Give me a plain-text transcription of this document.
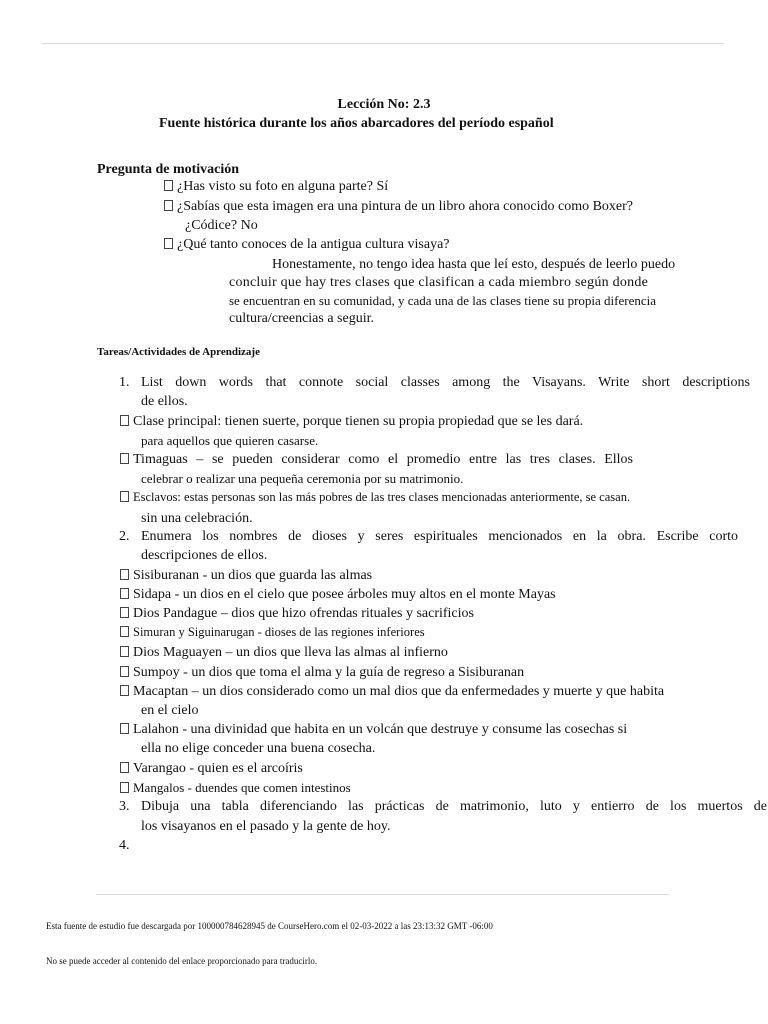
Lección No: 2.3
Fuente histórica durante los años abarcadores del período español
Pregunta de motivación
¿Has visto su foto en alguna parte? Sí
¿Sabías que esta imagen era una pintura de un libro ahora conocido como Boxer?
¿Códice? No
¿Qué tanto conoces de la antigua cultura visaya?
Honestamente, no tengo idea hasta que leí esto, después de leerlo puedo
concluir que hay tres clases que clasifican a cada miembro según donde
se encuentran en su comunidad, y cada una de las clases tiene su propia diferencia
cultura/creencias a seguir.
Tareas/Actividades de Aprendizaje
1. List down words that connote social classes among the Visayans. Write short descriptions
de ellos.
Clase principal: tienen suerte, porque tienen su propia propiedad que se les dará.
para aquellos que quieren casarse.
Timaguas – se pueden considerar como el promedio entre las tres clases. Ellos
celebrar o realizar una pequeña ceremonia por su matrimonio.
Esclavos: estas personas son las más pobres de las tres clases mencionadas anteriormente, se casan.
sin una celebración.
2. Enumera los nombres de dioses y seres espirituales mencionados en la obra. Escribe corto
descripciones de ellos.
Sisiburanan - un dios que guarda las almas
Sidapa - un dios en el cielo que posee árboles muy altos en el monte Mayas
Dios Pandague – dios que hizo ofrendas rituales y sacrificios
Simuran y Siguinarugan - dioses de las regiones inferiores
Dios Maguayen – un dios que lleva las almas al infierno
Sumpoy - un dios que toma el alma y la guía de regreso a Sisiburanan
Macaptan – un dios considerado como un mal dios que da enfermedades y muerte y que habita
en el cielo
Lalahon - una divinidad que habita en un volcán que destruye y consume las cosechas si
ella no elige conceder una buena cosecha.
Varangao - quien es el arcoíris
Mangalos - duendes que comen intestinos
3. Dibuja una tabla diferenciando las prácticas de matrimonio, luto y entierro de los muertos de
los visayanos en el pasado y la gente de hoy.
4.
Esta fuente de estudio fue descargada por 100000784628945 de CourseHero.com el 02-03-2022 a las 23:13:32 GMT -06:00
No se puede acceder al contenido del enlace proporcionado para traducirlo.
